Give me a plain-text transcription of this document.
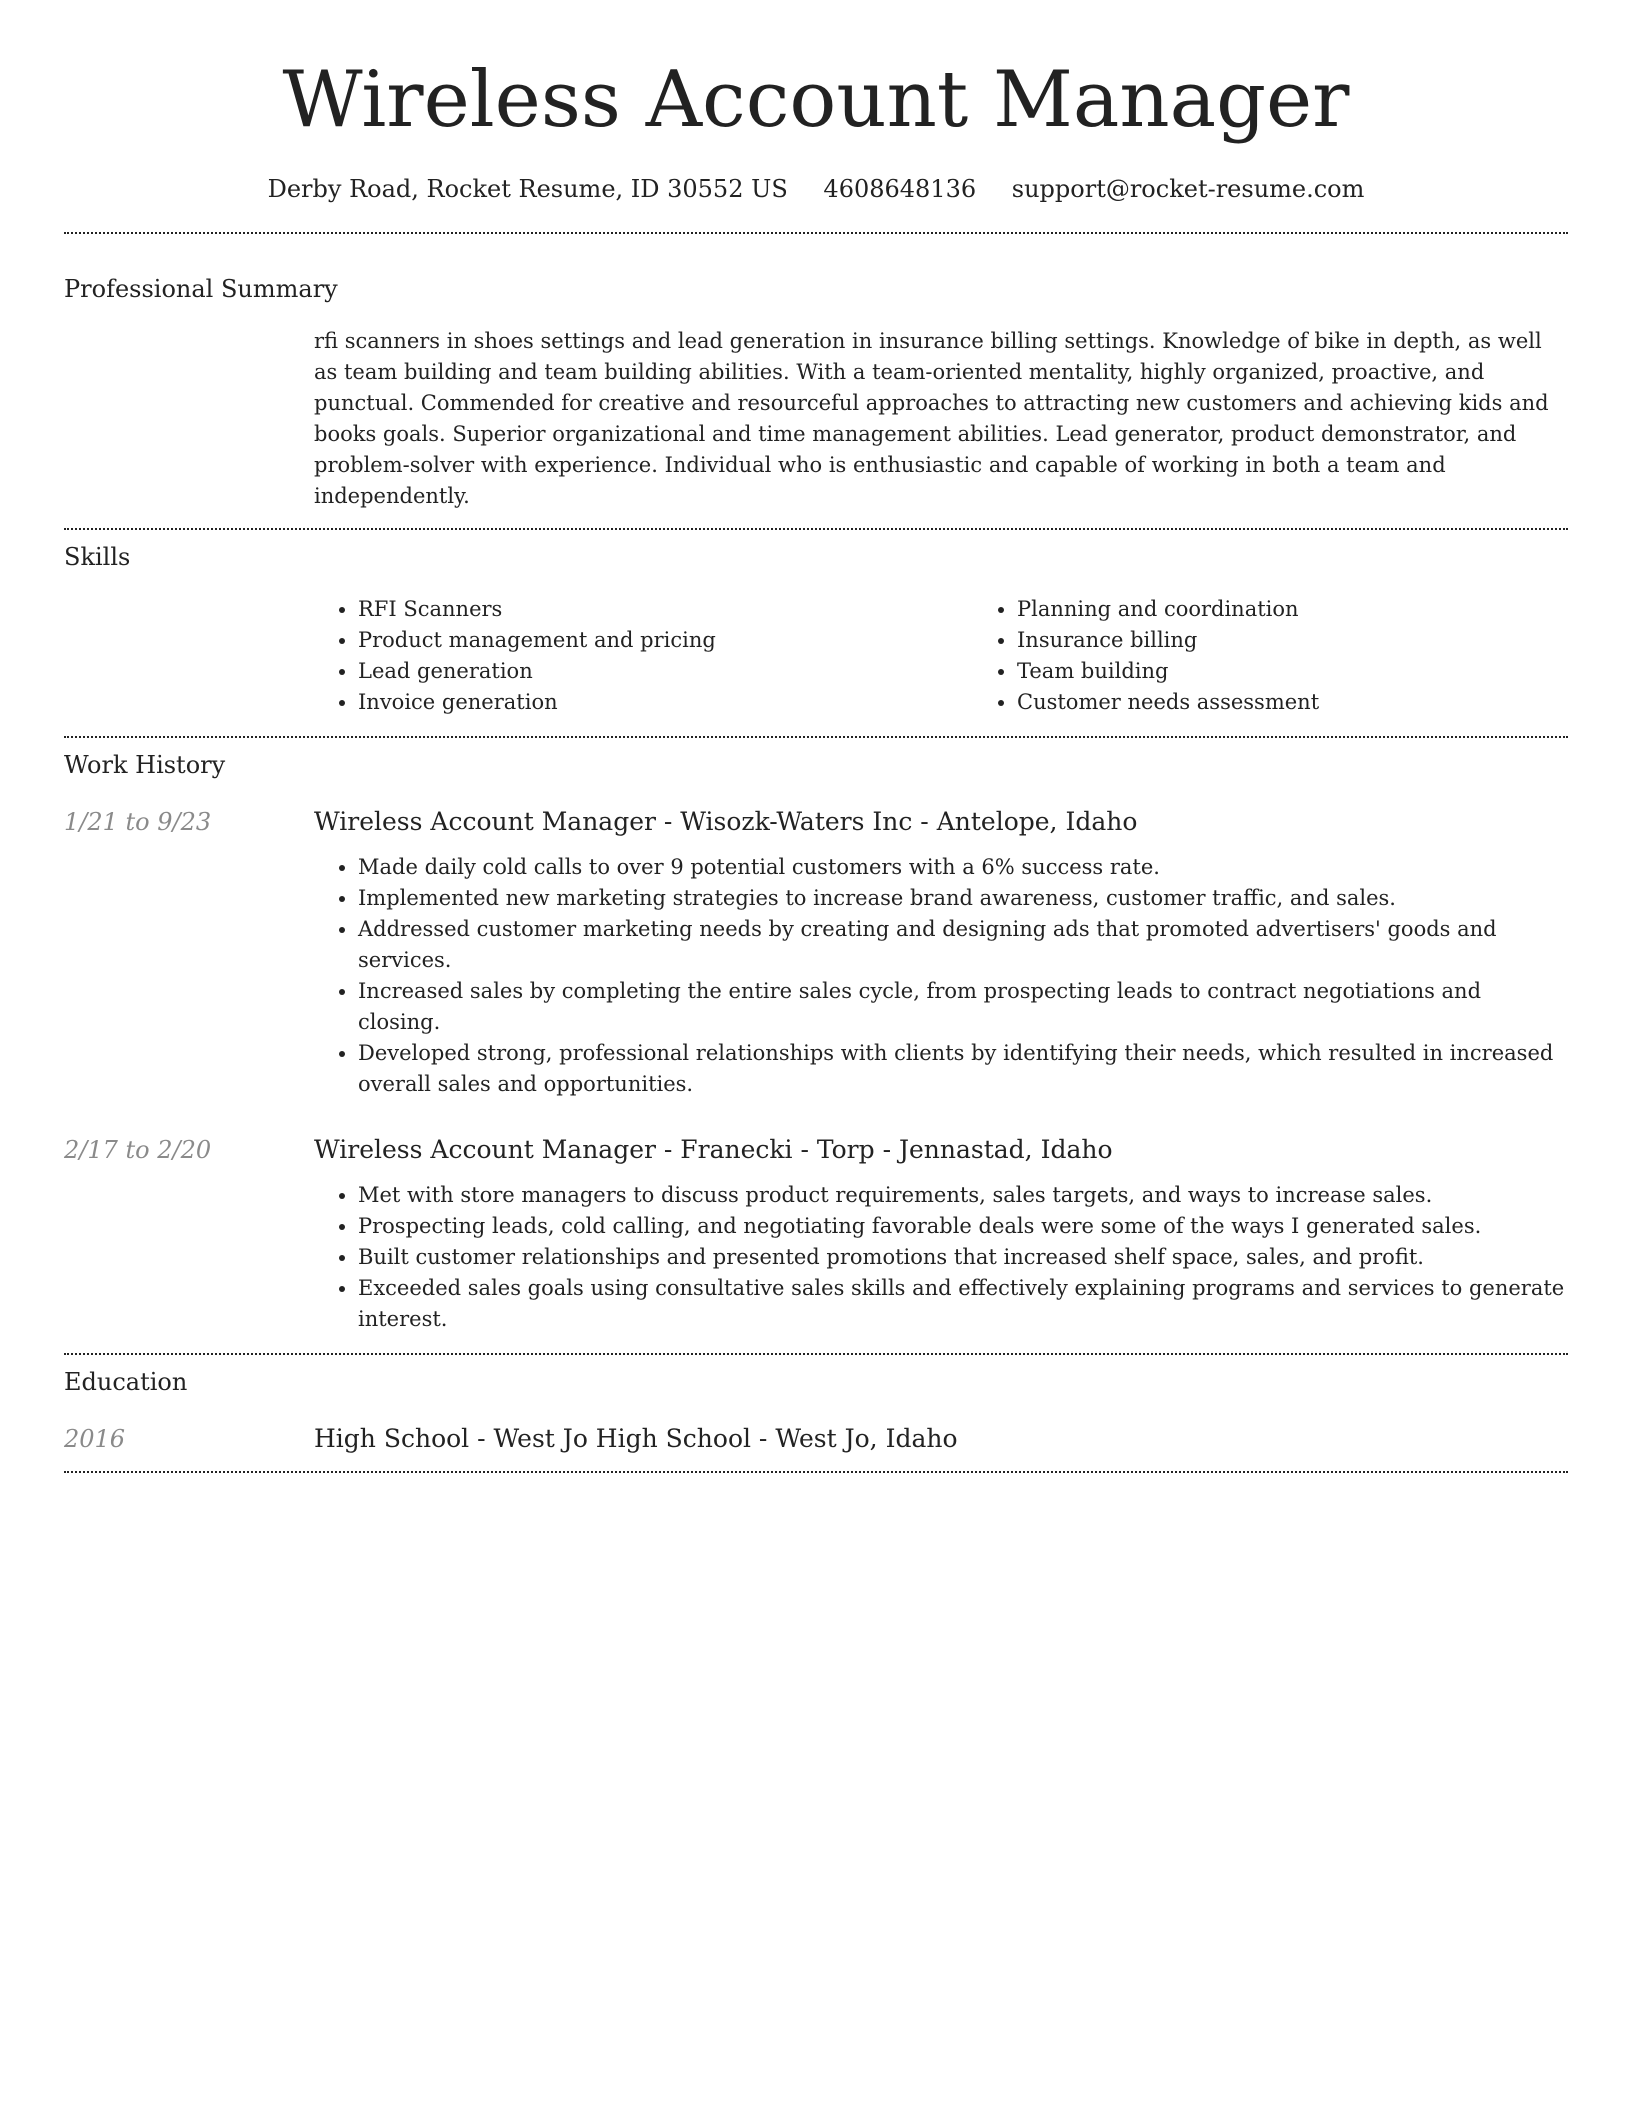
Wireless Account Manager
Derby Road, Rocket Resume, ID 30552 US 4608648136 support@rocket-resume.com
Professional Summary

rfi scanners in shoes settings and lead generation in insurance billing settings. Knowledge of bike in depth, as well as team building and team building abilities. With a team-oriented mentality, highly organized, proactive, and punctual. Commended for creative and resourceful approaches to attracting new customers and achieving kids and books goals. Superior organizational and time management abilities. Lead generator, product demonstrator, and problem-solver with experience. Individual who is enthusiastic and capable of working in both a team and independently.

Skills
• RFI Scanners
• Product management and pricing
• Lead generation
• Invoice generation
• Planning and coordination
• Insurance billing
• Team building
• Customer needs assessment
Work History
1/21 to 9/23	Wireless Account Manager - Wisozk-Waters Inc - Antelope, Idaho
• Made daily cold calls to over 9 potential customers with a 6% success rate.
• Implemented new marketing strategies to increase brand awareness, customer traffic, and sales.
• Addressed customer marketing needs by creating and designing ads that promoted advertisers' goods and services.
• Increased sales by completing the entire sales cycle, from prospecting leads to contract negotiations and closing.
• Developed strong, professional relationships with clients by identifying their needs, which resulted in increased overall sales and opportunities.
2/17 to 2/20	Wireless Account Manager - Franecki - Torp - Jennastad, Idaho
• Met with store managers to discuss product requirements, sales targets, and ways to increase sales.
• Prospecting leads, cold calling, and negotiating favorable deals were some of the ways I generated sales.
• Built customer relationships and presented promotions that increased shelf space, sales, and profit.
• Exceeded sales goals using consultative sales skills and effectively explaining programs and services to generate interest.
Education
2016	High School - West Jo High School - West Jo, Idaho
